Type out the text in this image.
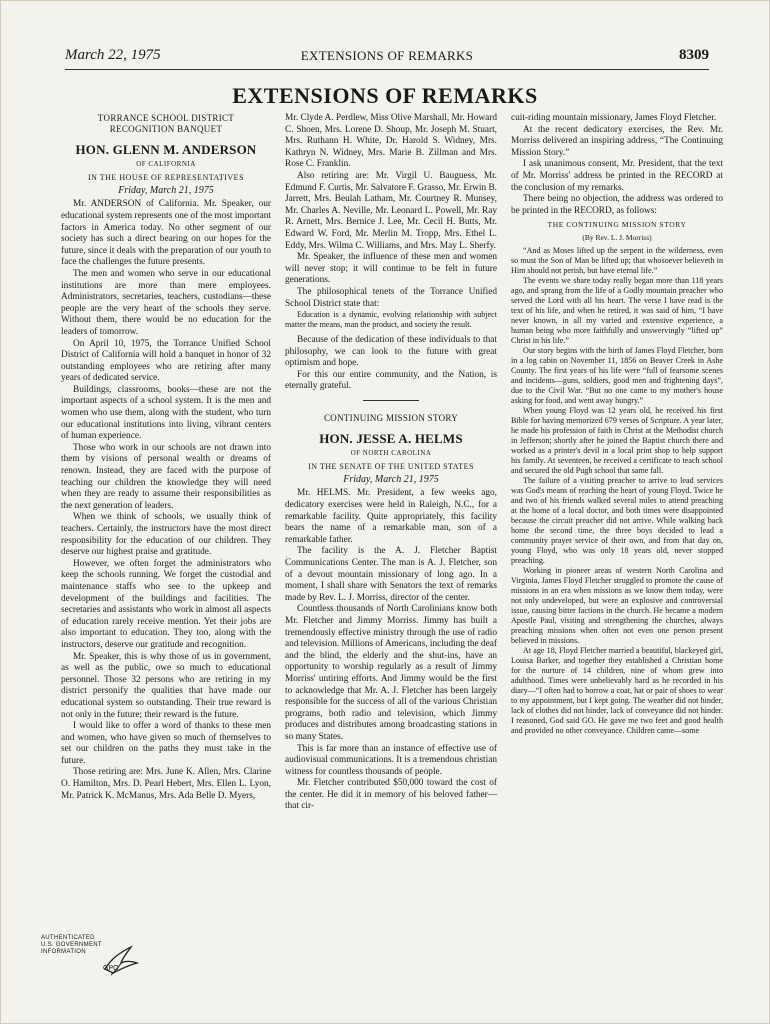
March 22, 1975	EXTENSIONS OF REMARKS	8309
EXTENSIONS OF REMARKS
TORRANCE SCHOOL DISTRICT
RECOGNITION BANQUET
HON. GLENN M. ANDERSON
OF CALIFORNIA
IN THE HOUSE OF REPRESENTATIVES
Friday, March 21, 1975

Mr. ANDERSON of California. Mr. Speaker, our educational system represents one of the most important factors in America today. No other segment of our society has such a direct bearing on our hopes for the future, since it deals with the preparation of our youth to face the challenges the future presents.

The men and women who serve in our educational institutions are more than mere employees. Administrators, secretaries, teachers, custodians—these people are the very heart of the schools they serve. Without them, there would be no education for the leaders of tomorrow.

On April 10, 1975, the Torrance Unified School District of California will hold a banquet in honor of 32 outstanding employees who are retiring after many years of dedicated service.

Buildings, classrooms, books—these are not the important aspects of a school system. It is the men and women who use them, along with the student, who turn our educational institutions into living, vibrant centers of human experience.

Those who work in our schools are not drawn into them by visions of personal wealth or dreams of renown. Instead, they are faced with the purpose of teaching our children the knowledge they will need when they are ready to assume their responsibilities as the next generation of leaders.

When we think of schools, we usually think of teachers. Certainly, the instructors have the most direct responsibility for the education of our children. They deserve our highest praise and gratitude.

However, we often forget the administrators who keep the schools running. We forget the custodial and maintenance staffs who see to the upkeep and development of the buildings and facilities. The secretaries and assistants who work in almost all aspects of education rarely receive mention. Yet their jobs are also important to education. They too, along with the instructors, deserve our gratitude and recognition.

Mr. Speaker, this is why those of us in government, as well as the public, owe so much to educational personnel. Those 32 persons who are retiring in my district personify the qualities that have made our educational system so outstanding. Their true reward is not only in the future; their reward is the future.

I would like to offer a word of thanks to these men and women, who have given so much of themselves to set our children on the paths they must take in the future.

Those retiring are: Mrs. June K. Allen, Mrs. Clarine O. Hamilton, Mrs. D. Pearl Hebert, Mrs. Ellen L. Lyon, Mr. Patrick K. McManus, Mrs. Ada Belle D. Myers,

Mr. Clyde A. Perdlew, Miss Olive Marshall, Mr. Howard C. Shoen, Mrs. Lorene D. Shoup, Mr. Joseph M. Stuart, Mrs. Ruthann H. White, Dr. Harold S. Widney, Mrs. Kathryn N. Widney, Mrs. Marie B. Zillman and Mrs. Rose C. Franklin.

Also retiring are: Mr. Virgil U. Bauguess, Mr. Edmund F. Curtis, Mr. Salvatore F. Grasso, Mr. Erwin B. Jarrett, Mrs. Beulah Latham, Mr. Courtney R. Munsey, Mr. Charles A. Neville, Mr. Leonard L. Powell, Mr. Ray R. Arnett, Mrs. Bernice J. Lee, Mr. Cecil H. Butts, Mr. Edward W. Ford, Mr. Merlin M. Tropp, Mrs. Ethel L. Eddy, Mrs. Wilma C. Williams, and Mrs. May L. Sherfy.

Mr. Speaker, the influence of these men and women will never stop; it will continue to be felt in future generations.

The philosophical tenets of the Torrance Unified School District state that:

Education is a dynamic, evolving relationship with subject matter the means, man the product, and society the result.

Because of the dedication of these individuals to that philosophy, we can look to the future with great optimism and hope.

For this our entire community, and the Nation, is eternally grateful.

CONTINUING MISSION STORY
HON. JESSE A. HELMS
OF NORTH CAROLINA
IN THE SENATE OF THE UNITED STATES
Friday, March 21, 1975

Mr. HELMS. Mr. President, a few weeks ago, dedicatory exercises were held in Raleigh, N.C., for a remarkable facility. Quite appropriately, this facility bears the name of a remarkable man, son of a remarkable father.

The facility is the A. J. Fletcher Baptist Communications Center. The man is A. J. Fletcher, son of a devout mountain missionary of long ago. In a moment, I shall share with Senators the text of remarks made by Rev. L. J. Morriss, director of the center.

Countless thousands of North Carolinians know both Mr. Fletcher and Jimmy Morriss. Jimmy has built a tremendously effective ministry through the use of radio and television. Millions of Americans, including the deaf and the blind, the elderly and the shut-ins, have an opportunity to worship regularly as a result of Jimmy Morriss' untiring efforts. And Jimmy would be the first to acknowledge that Mr. A. J. Fletcher has been largely responsible for the success of all of the various Christian programs, both radio and television, which Jimmy produces and distributes among broadcasting stations in so many States.

This is far more than an instance of effective use of audiovisual communications. It is a tremendous christian witness for countless thousands of people.

Mr. Fletcher contributed $50,000 toward the cost of the center. He did it in memory of his beloved father—that cir-

cuit-riding mountain missionary, James Floyd Fletcher.

At the recent dedicatory exercises, the Rev. Mr. Morriss delivered an inspiring address, “The Continuing Mission Story.”

I ask unanimous consent, Mr. President, that the text of Mr. Morriss' address be printed in the RECORD at the conclusion of my remarks.

There being no objection, the address was ordered to be printed in the RECORD, as follows:

THE CONTINUING MISSION STORY
(By Rev. L. J. Morriss)

“And as Moses lifted up the serpent in the wilderness, even so must the Son of Man be lifted up; that whosoever believeth in Him should not perish, but have eternal life.”

The events we share today really began more than 118 years ago, and sprang from the life of a Godly mountain preacher who served the Lord with all his heart. The verse I have read is the text of his life, and when he retired, it was said of him, “I have never known, in all my varied and extensive experience, a human being who more faithfully and unswervingly “lifted up” Christ in his life.”

Our story begins with the birth of James Floyd Fletcher, born in a log cabin on November 11, 1856 on Beaver Creek in Ashe County. The first years of his life were “full of fearsome scenes and incidents—guns, soldiers, good men and frightening days”, due to the Civil War. “But no one came to my mother's house asking for food, and went away hungry.”

When young Floyd was 12 years old, he received his first Bible for having memorized 679 verses of Scripture. A year later, he made his profession of faith in Christ at the Methodist church in Jefferson; shortly after he joined the Baptist church there and worked as a printer's devil in a local print shop to help support his family. At seventeen, he received a certificate to teach school and secured the old Pugh school that same fall.

The failure of a visiting preacher to arrive to lead services was God's means of reaching the heart of young Floyd. Twice he and two of his friends walked several miles to attend preaching at the home of a local doctor, and both times were disappointed because the circuit preacher did not arrive. While walking back home the second time, the three boys decided to lead a community prayer service of their own, and from that day on, young Floyd, who was only 18 years old, never stopped preaching.

Working in pioneer areas of western North Carolina and Virginia, James Floyd Fletcher struggled to promote the cause of missions in an era when missions as we know them today, were not only undeveloped, but were an explosive and controversial issue, causing bitter factions in the church. He became a modern Apostle Paul, visiting and strengthening the churches, always preaching missions when often not even one person present believed in missions.

At age 18, Floyd Fletcher married a beautiful, blackeyed girl, Louisa Barker, and together they established a Christian home for the nurture of 14 children, nine of whom grew into adulthood. Times were unbelievably hard as he recorded in his diary—“I often had to borrow a coat, hat or pair of shoes to wear to my appointment, but I kept going. The weather did not hinder, lack of clothes did not hinder, lack of conveyance did not hinder. I reasoned, God said GO. He gave me two feet and good health and provided no other conveyance. Children came—some

AUTHENTICATED
U.S. GOVERNMENT
INFORMATION
GPO
